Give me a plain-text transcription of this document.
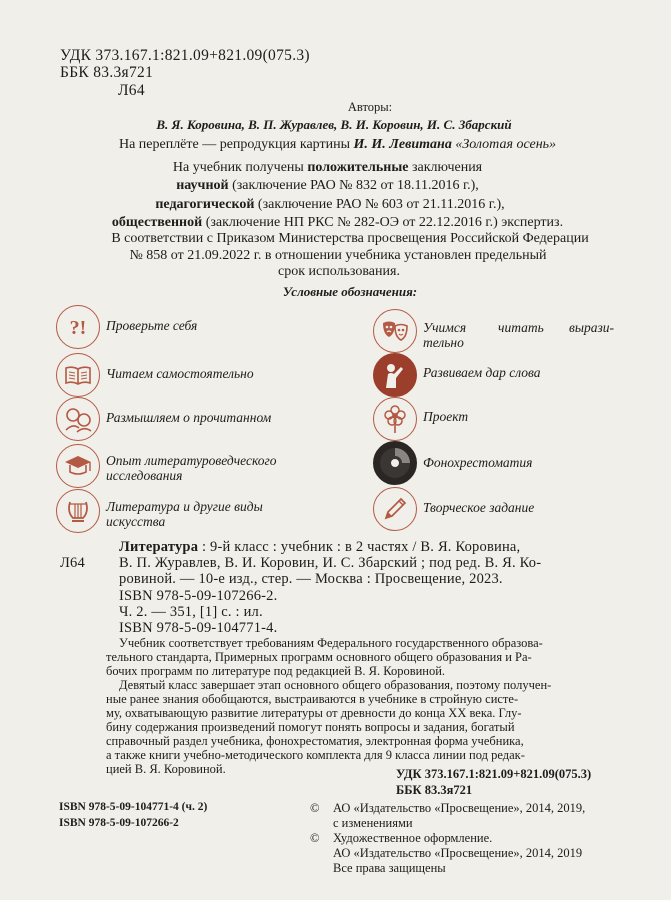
УДК 373.167.1:821.09+821.09(075.3)
ББК 83.3я721
Л64
Авторы:
В. Я. Коровина, В. П. Журавлев, В. И. Коровин, И. С. Збарский
На переплёте — репродукция картины И. И. Левитана «Золотая осень»
На учебник получены положительные заключения
научной (заключение РАО № 832 от 18.11.2016 г.),
педагогической (заключение РАО № 603 от 21.11.2016 г.),
общественной (заключение НП РКС № 282-ОЭ от 22.12.2016 г.) экспертиз.
В соответствии с Приказом Министерства просвещения Российской Федерации
№ 858 от 21.09.2022 г. в отношении учебника установлен предельный
срок использования.
Условные обозначения:
?! Проверьте себя
Читаем самостоятельно
Размышляем о прочитанном
Опыт литературоведческого
исследования
Литература и другие виды
искусства
Учимся читать вырази-
тельно
Развиваем дар слова
Проект
Фонохрестоматия
Творческое задание
Литература : 9-й класс : учебник : в 2 частях / В. Я. Коровина,
Л64 В. П. Журавлев, В. И. Коровин, И. С. Збарский ; под ред. В. Я. Ко-
ровиной. — 10-е изд., стер. — Москва : Просвещение, 2023.
ISBN 978-5-09-107266-2.
Ч. 2. — 351, [1] с. : ил.
ISBN 978-5-09-104771-4.
Учебник соответствует требованиям Федерального государственного образова-
тельного стандарта, Примерных программ основного общего образования и Ра-
бочих программ по литературе под редакцией В. Я. Коровиной.
Девятый класс завершает этап основного общего образования, поэтому получен-
ные ранее знания обобщаются, выстраиваются в учебнике в стройную систе-
му, охватывающую развитие литературы от древности до конца XX века. Глу-
бину содержания произведений помогут понять вопросы и задания, богатый
справочный раздел учебника, фонохрестоматия, электронная форма учебника,
а также книги учебно-методического комплекта для 9 класса линии под редак-
цией В. Я. Коровиной.	УДК 373.167.1:821.09+821.09(075.3)
ББК 83.3я721
ISBN 978-5-09-104771-4 (ч. 2)
ISBN 978-5-09-107266-2
© АО «Издательство «Просвещение», 2014, 2019,
с изменениями
© Художественное оформление.
АО «Издательство «Просвещение», 2014, 2019
Все права защищены
